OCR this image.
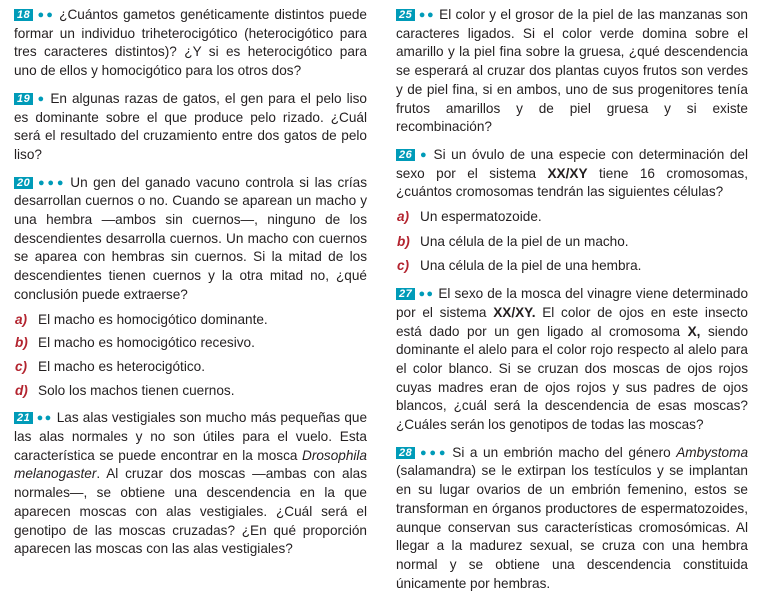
18 ●● ¿Cuántos gametos genéticamente distintos puede formar un individuo triheterocigótico (heterocigótico para tres caracteres distintos)? ¿Y si es heterocigótico para uno de ellos y homocigótico para los otros dos?

19 ● En algunas razas de gatos, el gen para el pelo liso es dominante sobre el que produce pelo rizado. ¿Cuál será el resultado del cruzamiento entre dos gatos de pelo liso?

20 ●●● Un gen del ganado vacuno controla si las crías desarrollan cuernos o no. Cuando se aparean un macho y una hembra —ambos sin cuernos—, ninguno de los descendientes desarrolla cuernos. Un macho con cuernos se aparea con hembras sin cuernos. Si la mitad de los descendientes tienen cuernos y la otra mitad no, ¿qué conclusión puede extraerse?

a) El macho es homocigótico dominante.
b) El macho es homocigótico recesivo.
c) El macho es heterocigótico.
d) Solo los machos tienen cuernos.

21 ●● Las alas vestigiales son mucho más pequeñas que las alas normales y no son útiles para el vuelo. Esta característica se puede encontrar en la mosca Drosophila melanogaster. Al cruzar dos moscas —ambas con alas normales—, se obtiene una descendencia en la que aparecen moscas con alas vestigiales. ¿Cuál será el genotipo de las moscas cruzadas? ¿En qué proporción aparecen las moscas con las alas vestigiales?

25 ●● El color y el grosor de la piel de las manzanas son caracteres ligados. Si el color verde domina sobre el amarillo y la piel fina sobre la gruesa, ¿qué descendencia se esperará al cruzar dos plantas cuyos frutos son verdes y de piel fina, si en ambos, uno de sus progenitores tenía frutos amarillos y de piel gruesa y si existe recombinación?

26 ● Si un óvulo de una especie con determinación del sexo por el sistema XX/XY tiene 16 cromosomas, ¿cuántos cromosomas tendrán las siguientes células?

a) Un espermatozoide.
b) Una célula de la piel de un macho.
c) Una célula de la piel de una hembra.

27 ●● El sexo de la mosca del vinagre viene determinado por el sistema XX/XY. El color de ojos en este insecto está dado por un gen ligado al cromosoma X, siendo dominante el alelo para el color rojo respecto al alelo para el color blanco. Si se cruzan dos moscas de ojos rojos cuyas madres eran de ojos rojos y sus padres de ojos blancos, ¿cuál será la descendencia de esas moscas? ¿Cuáles serán los genotipos de todas las moscas?

28 ●●● Si a un embrión macho del género Ambystoma (salamandra) se le extirpan los testículos y se implantan en su lugar ovarios de un embrión femenino, estos se transforman en órganos productores de espermatozoides, aunque conservan sus características cromosómicas. Al llegar a la madurez sexual, se cruza con una hembra normal y se obtiene una descendencia constituida únicamente por hembras.
